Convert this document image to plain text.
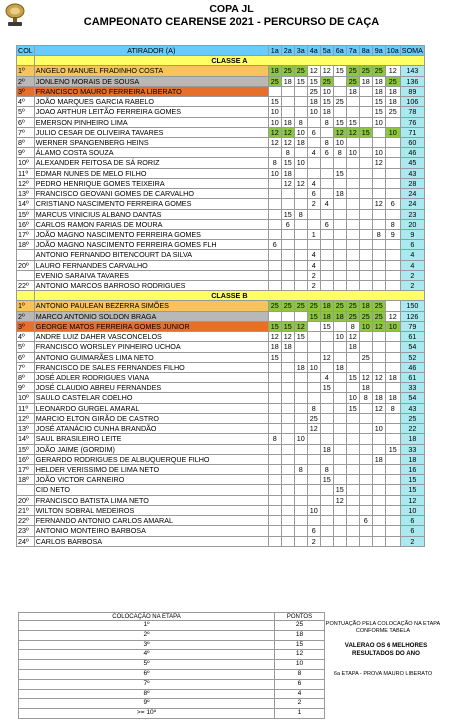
COPA JL
CAMPEONATO CEARENSE 2021 - PERCURSO DE CAÇA
COL	ATIRADOR (A)	1a	2a	3a	4a	5a	6a	7a	8a	9a	10a	SOMA
	CLASSE A											
1º	ANGELO MANUEL FRADINHO COSTA	18	25	25	12	12	15	25	25	25	12	143
2º	JONLENO MORAIS DE SOUSA	25	18	15	15	25		25	18	18	25	136
3º	FRANCISCO MAURO FERREIRA LIBERATO				25	10		18		18	18	89
4º	JOÃO MARQUES GARCIA RABELO	15			18	15	25			15	18	106
5º	JOAO ARTHUR LEITÃO FERREIRA GOMES	10			10	18				15	25	78
6º	EMERSON PINHEIRO LIMA	10	18	8		8	15	15		10		76
7º	JULIO CESAR DE OLIVEIRA TAVARES	12	12	10	6		12	12	15		10	71
8º	WERNER SPANGENBERG HEINS	12	12	18		8	10					60
9º	ÁLAMO COSTA SOUZA		8		4	6	8	10		10		46
10º	ALEXANDER FEITOSA DE SÁ RORIZ	8	15	10						12		45
11º	EDMAR NUNES DE MELO FILHO	10	18				15					43
12º	PEDRO HENRIQUE GOMES TEIXEIRA		12	12	4							28
13º	FRANCISCO GEOVANI GOMES DE CARVALHO				6		18					24
14º	CRISTIANO NASCIMENTO FERREIRA GOMES				2	4				12	6	24
15º	MARCUS VINICIUS ALBANO DANTAS		15	8								23
16º	CARLOS RAMON FARIAS DE MOURA		6			6					8	20
17º	JOÃO MAGNO NASCIMENTO FERREIRA GOMES				1					8	9	9
18º	JOÃO MAGNO NASCIMENTO FERREIRA GOMES FLH	6										6
	ANTONIO FERNANDO BITENCOURT DA SILVA				4							4
20º	LAURO FERNANDES CARVALHO				4							4
	EVENIO SARAIVA TAVARES				2							2
22º	ANTONIO MARCOS BARROSO RODRIGUES				2							2
	CLASSE B											
1º	ANTONIO PAULEAN BEZERRA SIMÕES	25	25	25	25	18	25	25	18	25		150
2º	MARCO ANTONIO SOLDON BRAGA				15	18	18	25	25	25	12	126
3º	GEORGE MATOS FERREIRA GOMES JUNIOR	15	15	12		15		8	10	12	10	79
4º	ANDRE LUIZ DAHER VASCONCELOS	12	12	15			10	12				61
5º	FRANCISCO WORSLEY PINHEIRO UCHOA	18	18					18				54
6º	ANTONIO GUIMARÃES LIMA NETO	15				12			25			52
7º	FRANCISCO DE SALES FERNANDES FILHO			18	10		18					46
8º	JOSÉ ADLER RODRIGUES VIANA					4		15	12	12	18	61
9º	JOSÉ CLAUDIO ABREU FERNANDES					15			18			33
10º	SAULO CASTELAR COELHO							10	8	18	18	54
11º	LEONARDO GURGEL AMARAL				8			15		12	8	43
12º	MARCIO ELTON GIRÃO DE CASTRO				25							25
13º	JOSÉ ATANÁCIO CUNHA BRANDÃO				12					10		22
14º	SAUL BRASILEIRO LEITE	8		10								18
15º	JOÃO JAIME (GORDIM)					18					15	33
16º	GERARDO RODRIGUES DE ALBUQUERQUE FILHO									18		18
17º	HELDER VERISSIMO DE LIMA NETO			8		8						16
18º	JOÃO VICTOR CARNEIRO					15						15
	CID NETO						15					15
20º	FRANCISCO BATISTA LIMA NETO						12					12
21º	WILTON SOBRAL MEDEIROS				10							10
22º	FERNANDO ANTONIO CARLOS AMARAL								6			6
23º	ANTONIO MONTEIRO BARBOSA				6							6
24º	CARLOS BARBOSA				2							2
COLOCAÇÃO NA ETAPA	PONTOS
1º	25
2º	18
3º	15
4º	12
5º	10
6º	8
7º	6
8º	4
9º	2
>= 10º	1
PONTUAÇÃO PELA COLOCAÇÃO NA ETAPA CONFORME TABELA
VALERAO OS 6 MELHORES RESULTADOS DO ANO
6a ETAPA - PROVA MAURO LIBERATO
